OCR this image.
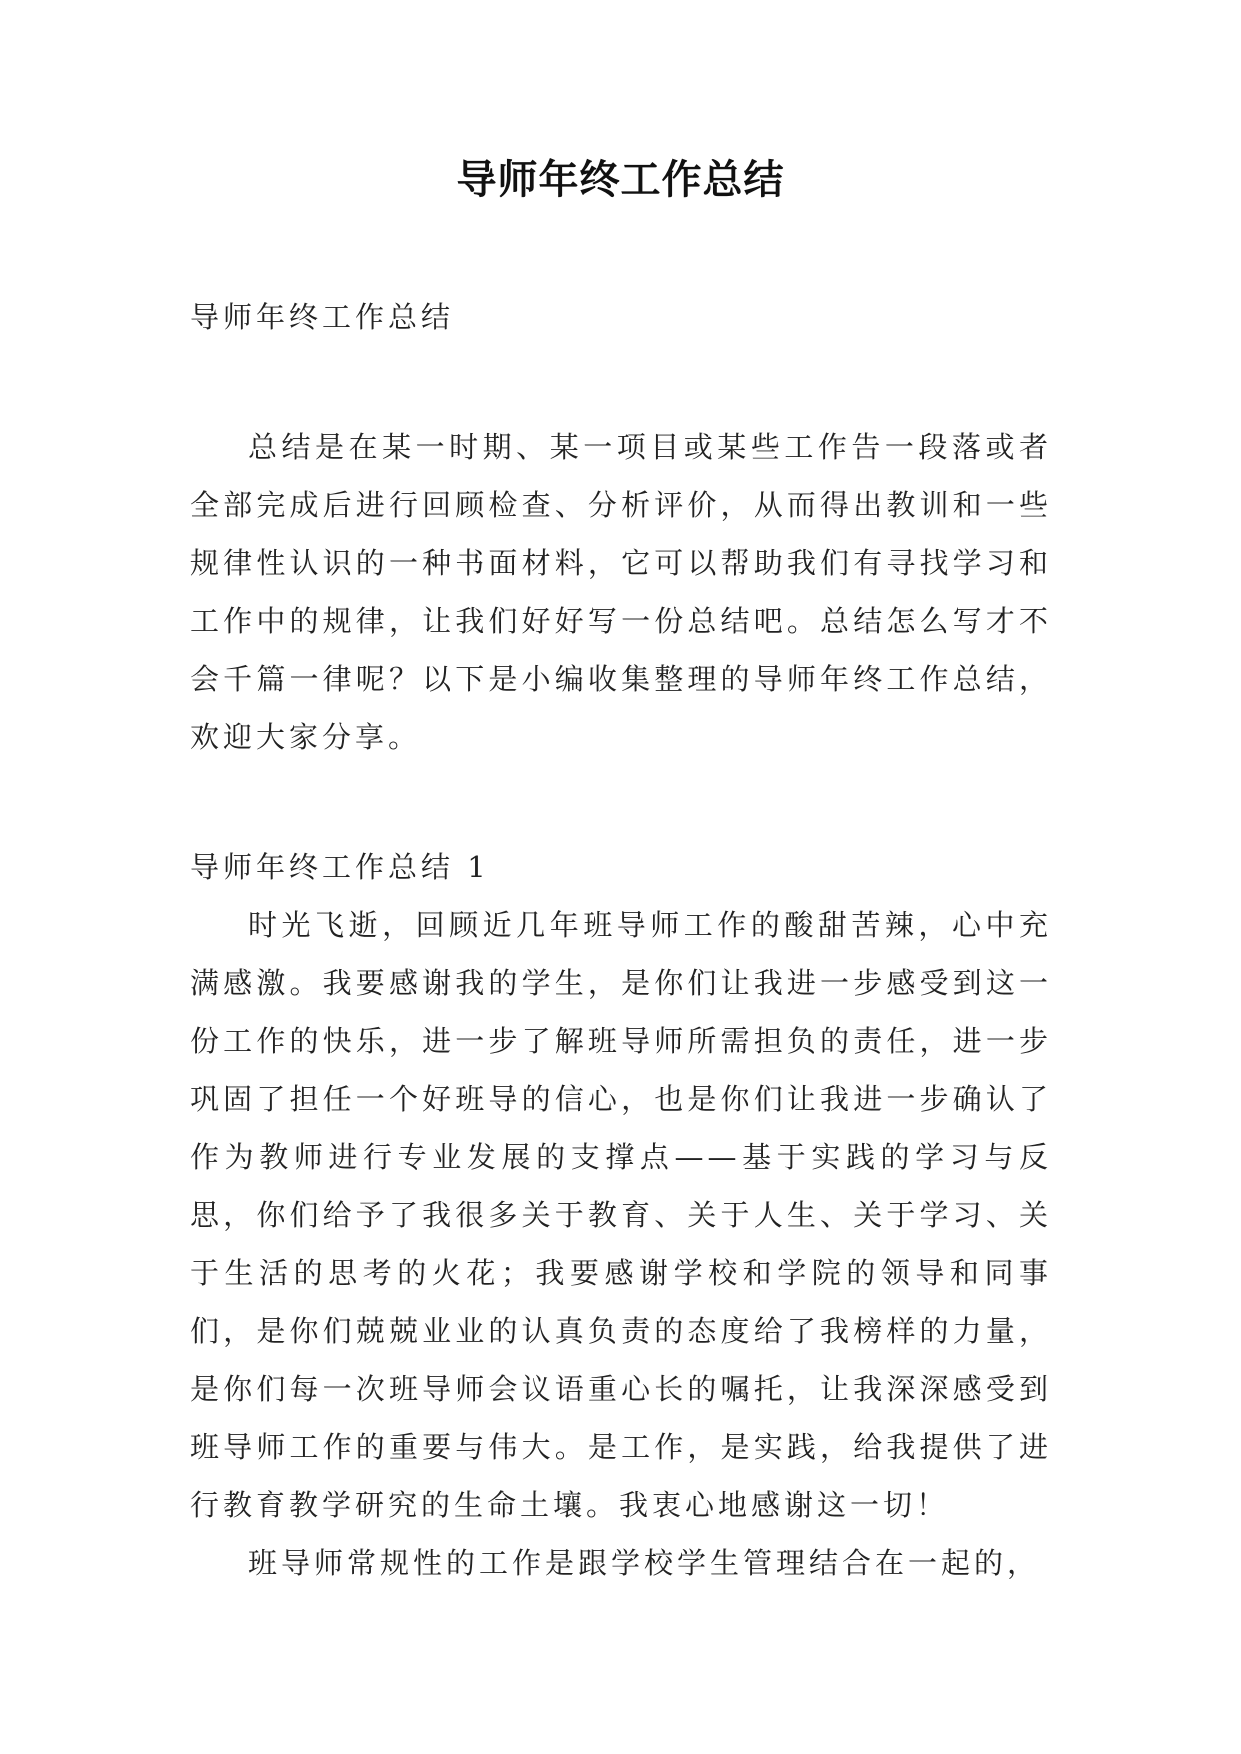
导师年终工作总结

导师年终工作总结

总结是在某一时期、某一项目或某些工作告一段落或者全部完成后进行回顾检查、分析评价，从而得出教训和一些规律性认识的一种书面材料，它可以帮助我们有寻找学习和工作中的规律，让我们好好写一份总结吧。总结怎么写才不会千篇一律呢？以下是小编收集整理的导师年终工作总结，欢迎大家分享。

导师年终工作总结 1

时光飞逝，回顾近几年班导师工作的酸甜苦辣，心中充满感激。我要感谢我的学生，是你们让我进一步感受到这一份工作的快乐，进一步了解班导师所需担负的责任，进一步巩固了担任一个好班导的信心，也是你们让我进一步确认了作为教师进行专业发展的支撑点——基于实践的学习与反思，你们给予了我很多关于教育、关于人生、关于学习、关于生活的思考的火花；我要感谢学校和学院的领导和同事们，是你们兢兢业业的认真负责的态度给了我榜样的力量，是你们每一次班导师会议语重心长的嘱托，让我深深感受到班导师工作的重要与伟大。是工作，是实践，给我提供了进行教育教学研究的生命土壤。我衷心地感谢这一切！

班导师常规性的工作是跟学校学生管理结合在一起的，
